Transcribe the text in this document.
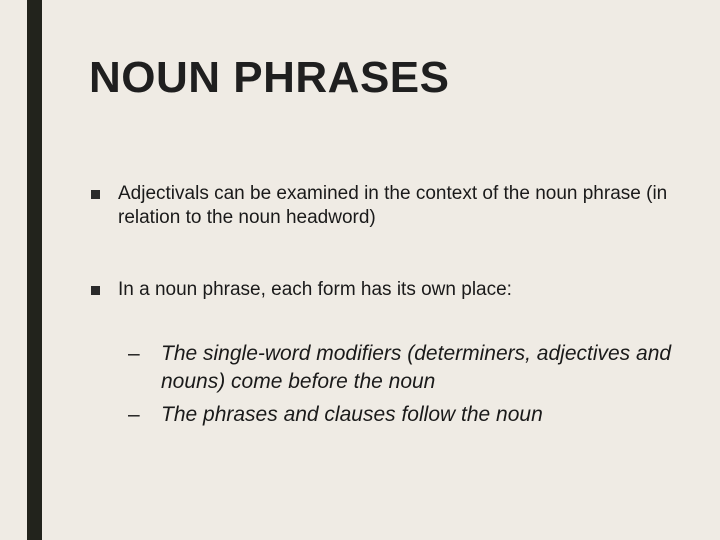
NOUN PHRASES
Adjectivals can be examined in the context of the noun phrase (in relation to the noun headword)
In a noun phrase, each form has its own place:
– The single-word modifiers (determiners, adjectives and nouns) come before the noun
– The phrases and clauses follow the noun
